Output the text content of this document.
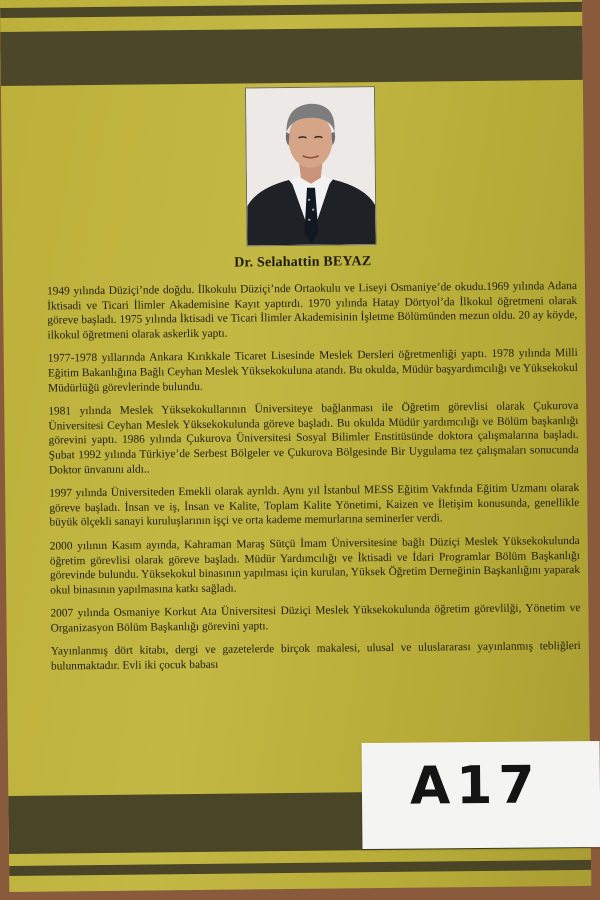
Dr. Selahattin BEYAZ

1949 yılında Düziçi’nde doğdu. İlkokulu Düziçi’nde Ortaokulu ve Liseyi Osmaniye’de okudu.1969 yılında Adana İktisadi ve Ticari İlimler Akademisine Kayıt yaptırdı. 1970 yılında Hatay Dörtyol’da İlkokul öğretmeni olarak göreve başladı. 1975 yılında İktisadi ve Ticari İlimler Akademisinin İşletme Bölümünden mezun oldu. 20 ay köyde, ilkokul öğretmeni olarak askerlik yaptı.

1977-1978 yıllarında Ankara Kırıkkale Ticaret Lisesinde Meslek Dersleri öğretmenliği yaptı. 1978 yılında Milli Eğitim Bakanlığına Bağlı Ceyhan Meslek Yüksekokuluna atandı. Bu okulda, Müdür başyardımcılığı ve Yüksekokul Müdürlüğü görevlerinde bulundu.

1981 yılında Meslek Yüksekokullarının Üniversiteye bağlanması ile Öğretim görevlisi olarak Çukurova Üniversitesi Ceyhan Meslek Yüksekokulunda göreve başladı. Bu okulda Müdür yardımcılığı ve Bölüm başkanlığı görevini yaptı. 1986 yılında Çukurova Üniversitesi Sosyal Bilimler Enstitüsünde doktora çalışmalarına başladı. Şubat 1992 yılında Türkiye’de Serbest Bölgeler ve Çukurova Bölgesinde Bir Uygulama tez çalışmaları sonucunda Doktor ünvanını aldı..

1997 yılında Üniversiteden Emekli olarak ayrıldı. Aynı yıl İstanbul MESS Eğitim Vakfında Eğitim Uzmanı olarak göreve başladı. İnsan ve iş, İnsan ve Kalite, Toplam Kalite Yönetimi, Kaizen ve İletişim konusunda, genellikle büyük ölçekli sanayi kuruluşlarının işçi ve orta kademe memurlarına seminerler verdi.

2000 yılının Kasım ayında, Kahraman Maraş Sütçü İmam Üniversitesine bağlı Düziçi Meslek Yüksekokulunda öğretim görevlisi olarak göreve başladı. Müdür Yardımcılığı ve İktisadi ve İdari Programlar Bölüm Başkanlığı görevinde bulundu. Yüksekokul binasının yapılması için kurulan, Yüksek Öğretim Derneğinin Başkanlığını yaparak okul binasının yapılmasına katkı sağladı.

2007 yılında Osmaniye Korkut Ata Üniversitesi Düziçi Meslek Yüksekokulunda öğretim görevlilği, Yönetim ve Organizasyon Bölüm Başkanlığı görevini yaptı.

Yayınlanmış dört kitabı, dergi ve gazetelerde birçok makalesi, ulusal ve uluslararası yayınlanmış tebliğleri bulunmaktadır. Evli iki çocuk babası

A17
